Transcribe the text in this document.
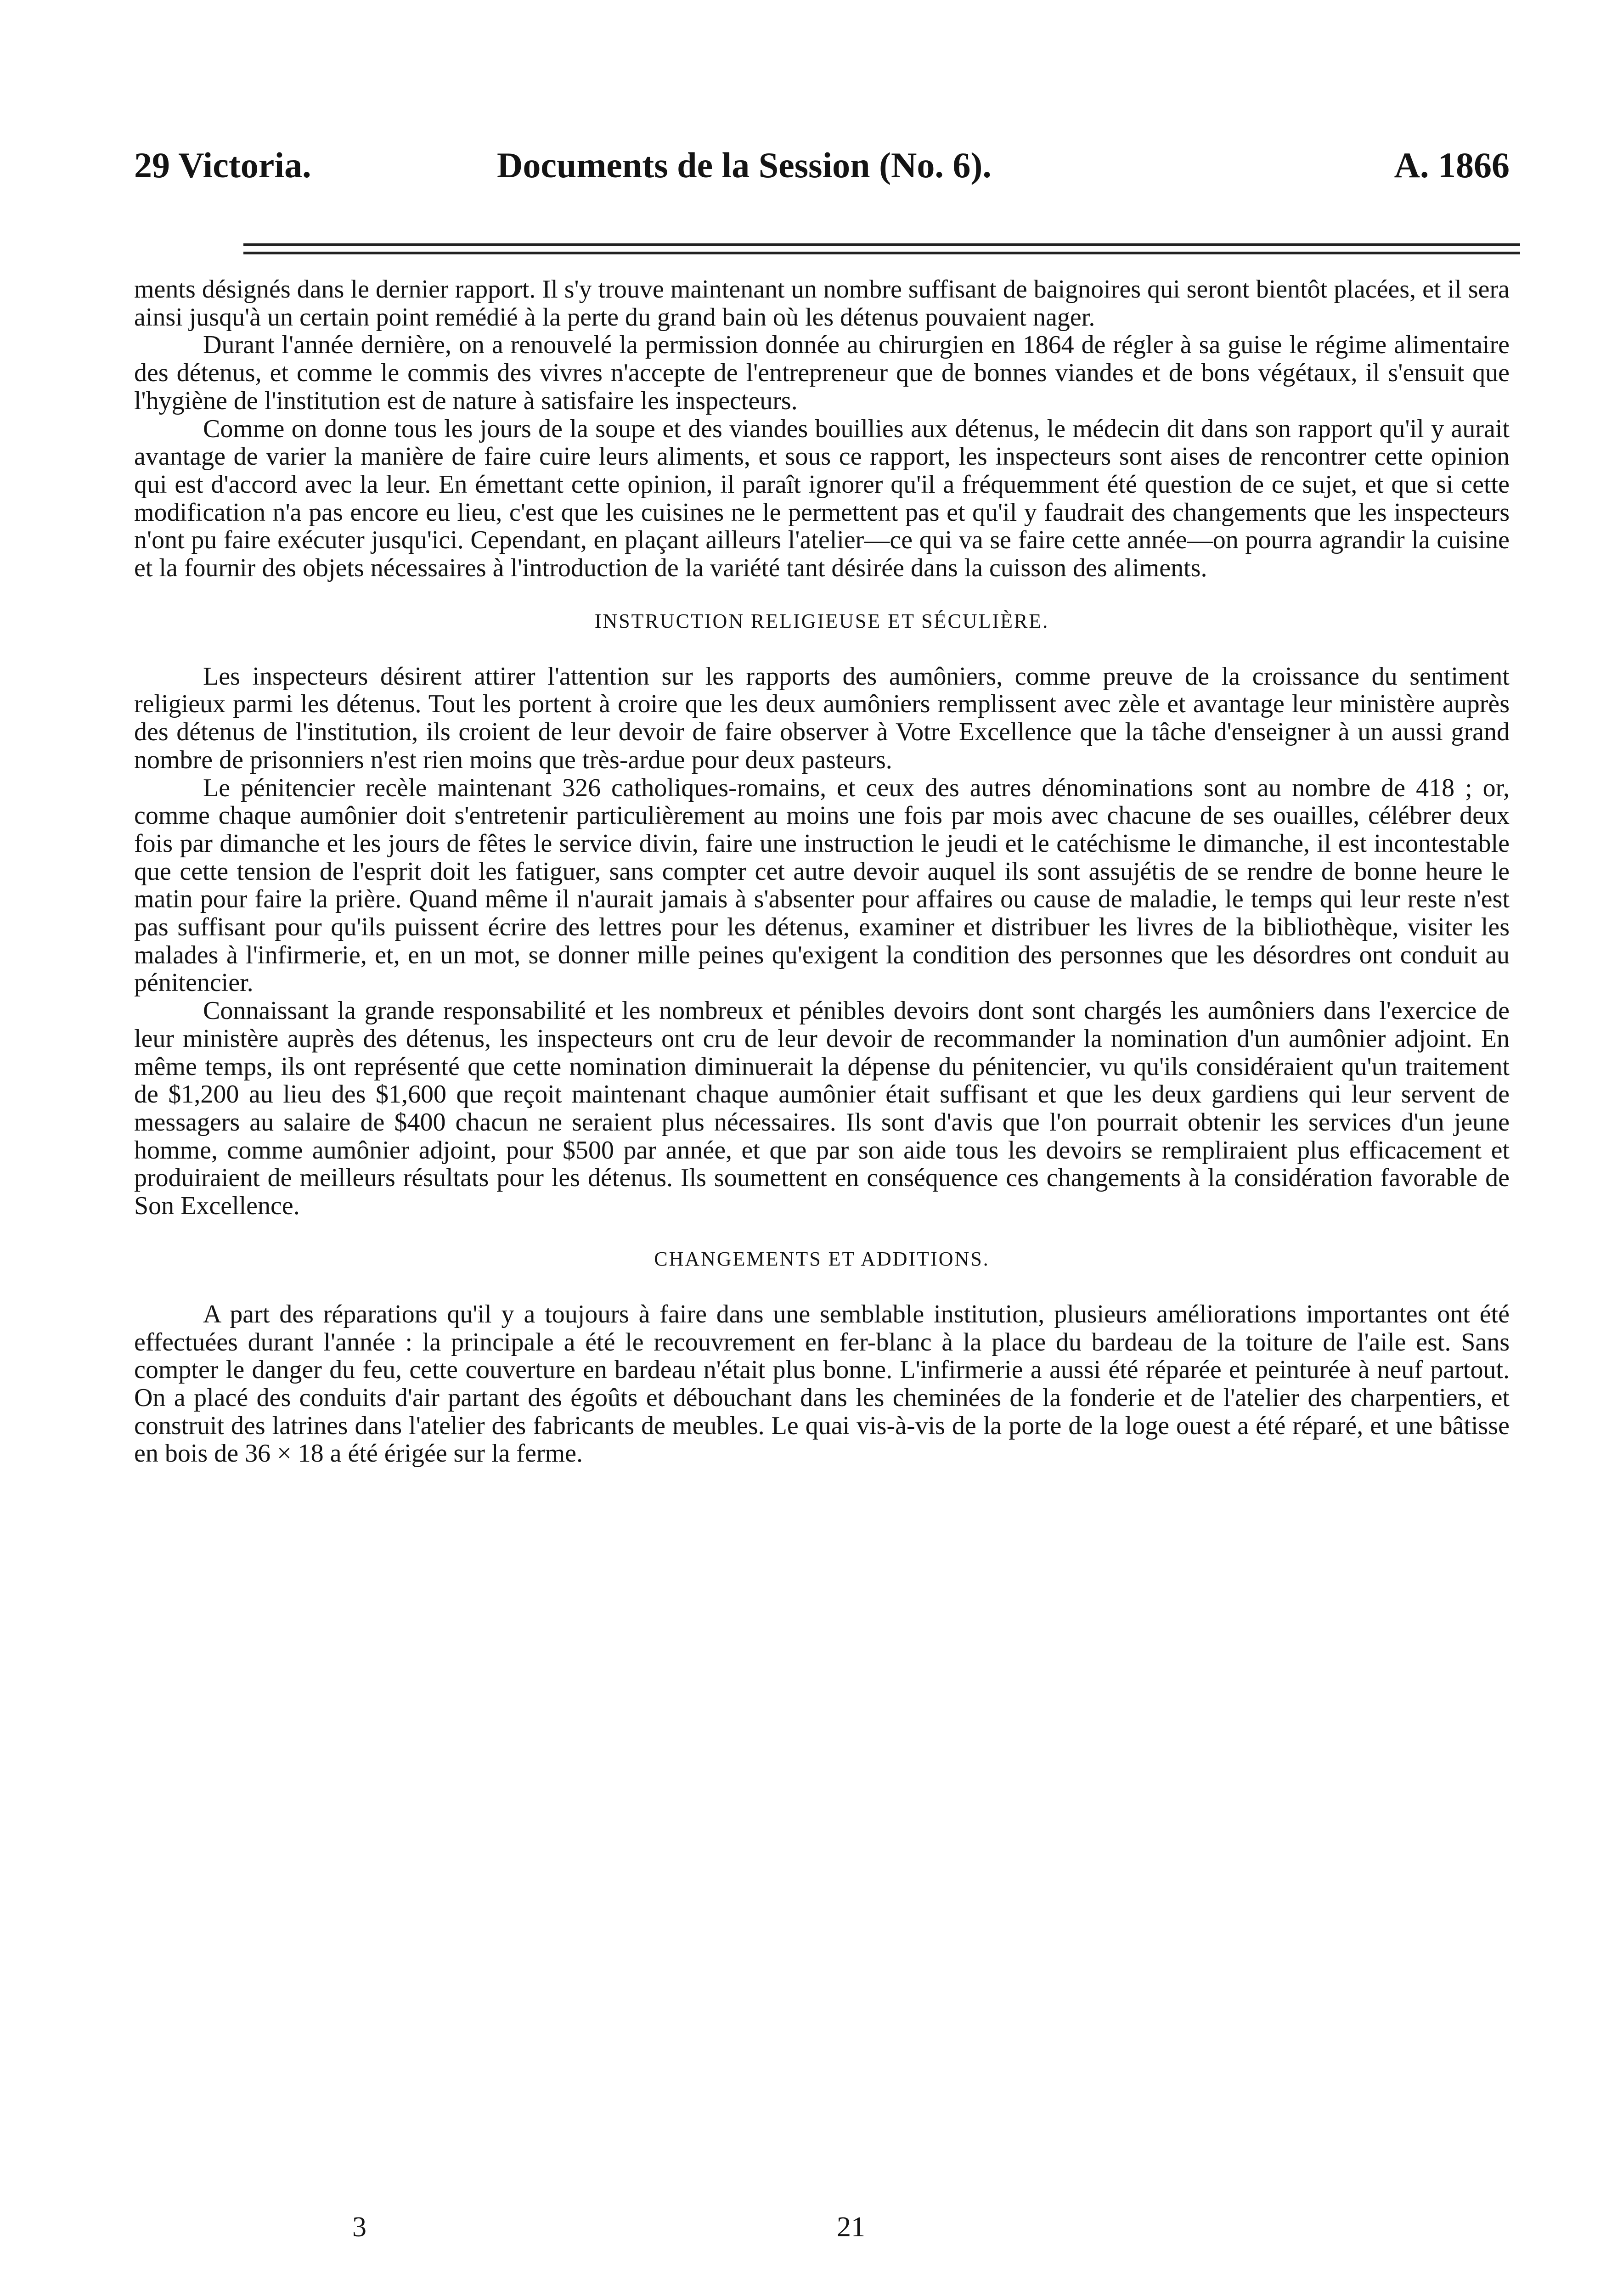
29 Victoria.	Documents de la Session (No. 6).	A. 1866

ments désignés dans le dernier rapport. Il s'y trouve maintenant un nombre suffisant de baignoires qui seront bientôt placées, et il sera ainsi jusqu'à un certain point remédié à la perte du grand bain où les détenus pouvaient nager.

Durant l'année dernière, on a renouvelé la permission donnée au chirurgien en 1864 de régler à sa guise le régime alimentaire des détenus, et comme le commis des vivres n'accepte de l'entrepreneur que de bonnes viandes et de bons végétaux, il s'ensuit que l'hygiène de l'institution est de nature à satisfaire les inspecteurs.

Comme on donne tous les jours de la soupe et des viandes bouillies aux détenus, le médecin dit dans son rapport qu'il y aurait avantage de varier la manière de faire cuire leurs aliments, et sous ce rapport, les inspecteurs sont aises de rencontrer cette opinion qui est d'accord avec la leur. En émettant cette opinion, il paraît ignorer qu'il a fréquemment été question de ce sujet, et que si cette modification n'a pas encore eu lieu, c'est que les cuisines ne le permettent pas et qu'il y faudrait des changements que les inspecteurs n'ont pu faire exécuter jusqu'ici. Cependant, en plaçant ailleurs l'atelier—ce qui va se faire cette année—on pourra agrandir la cuisine et la fournir des objets nécessaires à l'introduction de la variété tant désirée dans la cuisson des aliments.

INSTRUCTION RELIGIEUSE ET SÉCULIÈRE.

Les inspecteurs désirent attirer l'attention sur les rapports des aumôniers, comme preuve de la croissance du sentiment religieux parmi les détenus. Tout les portent à croire que les deux aumôniers remplissent avec zèle et avantage leur ministère auprès des détenus de l'institution, ils croient de leur devoir de faire observer à Votre Excellence que la tâche d'enseigner à un aussi grand nombre de prisonniers n'est rien moins que très-ardue pour deux pasteurs.

Le pénitencier recèle maintenant 326 catholiques-romains, et ceux des autres dénominations sont au nombre de 418 ; or, comme chaque aumônier doit s'entretenir particulièrement au moins une fois par mois avec chacune de ses ouailles, célébrer deux fois par dimanche et les jours de fêtes le service divin, faire une instruction le jeudi et le catéchisme le dimanche, il est incontestable que cette tension de l'esprit doit les fatiguer, sans compter cet autre devoir auquel ils sont assujétis de se rendre de bonne heure le matin pour faire la prière. Quand même il n'aurait jamais à s'absenter pour affaires ou cause de maladie, le temps qui leur reste n'est pas suffisant pour qu'ils puissent écrire des lettres pour les détenus, examiner et distribuer les livres de la bibliothèque, visiter les malades à l'infirmerie, et, en un mot, se donner mille peines qu'exigent la condition des personnes que les désordres ont conduit au pénitencier.

Connaissant la grande responsabilité et les nombreux et pénibles devoirs dont sont chargés les aumôniers dans l'exercice de leur ministère auprès des détenus, les inspecteurs ont cru de leur devoir de recommander la nomination d'un aumônier adjoint. En même temps, ils ont représenté que cette nomination diminuerait la dépense du pénitencier, vu qu'ils considéraient qu'un traitement de $1,200 au lieu des $1,600 que reçoit maintenant chaque aumônier était suffisant et que les deux gardiens qui leur servent de messagers au salaire de $400 chacun ne seraient plus nécessaires. Ils sont d'avis que l'on pourrait obtenir les services d'un jeune homme, comme aumônier adjoint, pour $500 par année, et que par son aide tous les devoirs se rempliraient plus efficacement et produiraient de meilleurs résultats pour les détenus. Ils soumettent en conséquence ces changements à la considération favorable de Son Excellence.

CHANGEMENTS ET ADDITIONS.

A part des réparations qu'il y a toujours à faire dans une semblable institution, plusieurs améliorations importantes ont été effectuées durant l'année : la principale a été le recouvrement en fer-blanc à la place du bardeau de la toiture de l'aile est. Sans compter le danger du feu, cette couverture en bardeau n'était plus bonne. L'infirmerie a aussi été réparée et peinturée à neuf partout. On a placé des conduits d'air partant des égoûts et débouchant dans les cheminées de la fonderie et de l'atelier des charpentiers, et construit des latrines dans l'atelier des fabricants de meubles. Le quai vis-à-vis de la porte de la loge ouest a été réparé, et une bâtisse en bois de 36 × 18 a été érigée sur la ferme.

3	21
